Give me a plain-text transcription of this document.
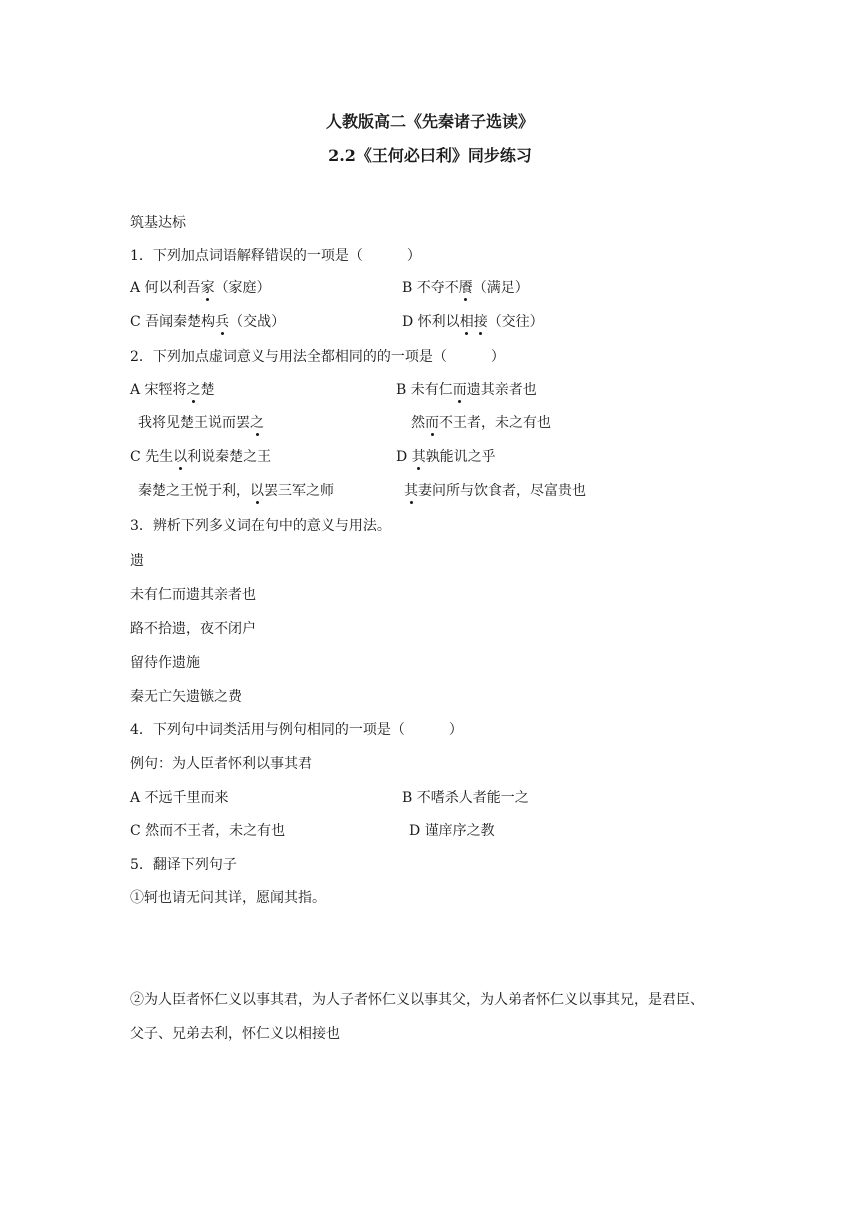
人教版高二《先秦诸子选读》
2.2《王何必曰利》同步练习
筑基达标
1．下列加点词语解释错误的一项是（	）
A 何以利吾家（家庭）	B 不夺不餍（满足）
C 吾闻秦楚构兵（交战）	D 怀利以相接（交往）
2．下列加点虚词意义与用法全都相同的的一项是（	）
A 宋牼将之楚	B 未有仁而遗其亲者也
我将见楚王说而罢之	然而不王者，未之有也
C 先生以利说秦楚之王	D 其孰能讥之乎
秦楚之王悦于利，以罢三军之师	其妻问所与饮食者，尽富贵也
3．辨析下列多义词在句中的意义与用法。
遗
未有仁而遗其亲者也
路不拾遗，夜不闭户
留待作遗施
秦无亡矢遗镞之费
4．下列句中词类活用与例句相同的一项是（	）
例句：为人臣者怀利以事其君
A 不远千里而来	B 不嗜杀人者能一之
C 然而不王者，未之有也	D 谨庠序之教
5．翻译下列句子
①轲也请无问其详，愿闻其指。
②为人臣者怀仁义以事其君，为人子者怀仁义以事其父，为人弟者怀仁义以事其兄，是君臣、
父子、兄弟去利，怀仁义以相接也
